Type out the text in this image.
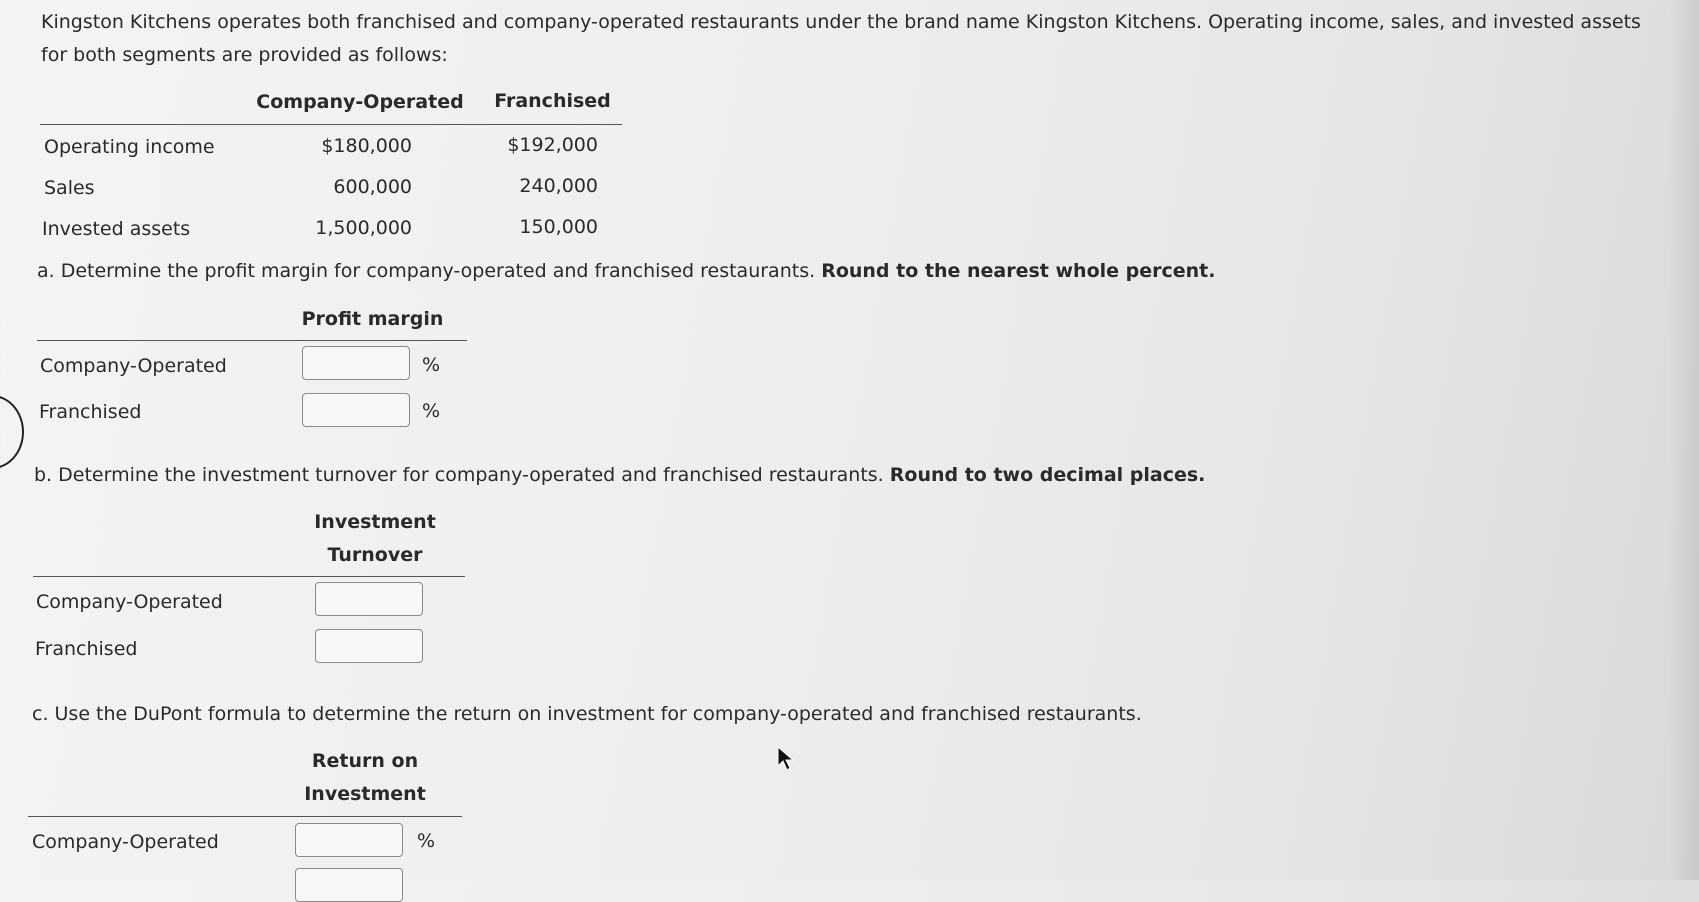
Kingston Kitchens operates both franchised and company-operated restaurants under the brand name Kingston Kitchens. Operating income, sales, and invested assets for both segments are provided as follows:
Company-Operated Franchised
Operating income	$180,000	$192,000
Sales	600,000	240,000
Invested assets	1,500,000	150,000
a. Determine the profit margin for company-operated and franchised restaurants. Round to the nearest whole percent.
Profit margin
Company-Operated	%
Franchised	%
b. Determine the investment turnover for company-operated and franchised restaurants. Round to two decimal places.
Investment
Turnover
Company-Operated
Franchised
c. Use the DuPont formula to determine the return on investment for company-operated and franchised restaurants.
Return on
Investment
Company-Operated	%
